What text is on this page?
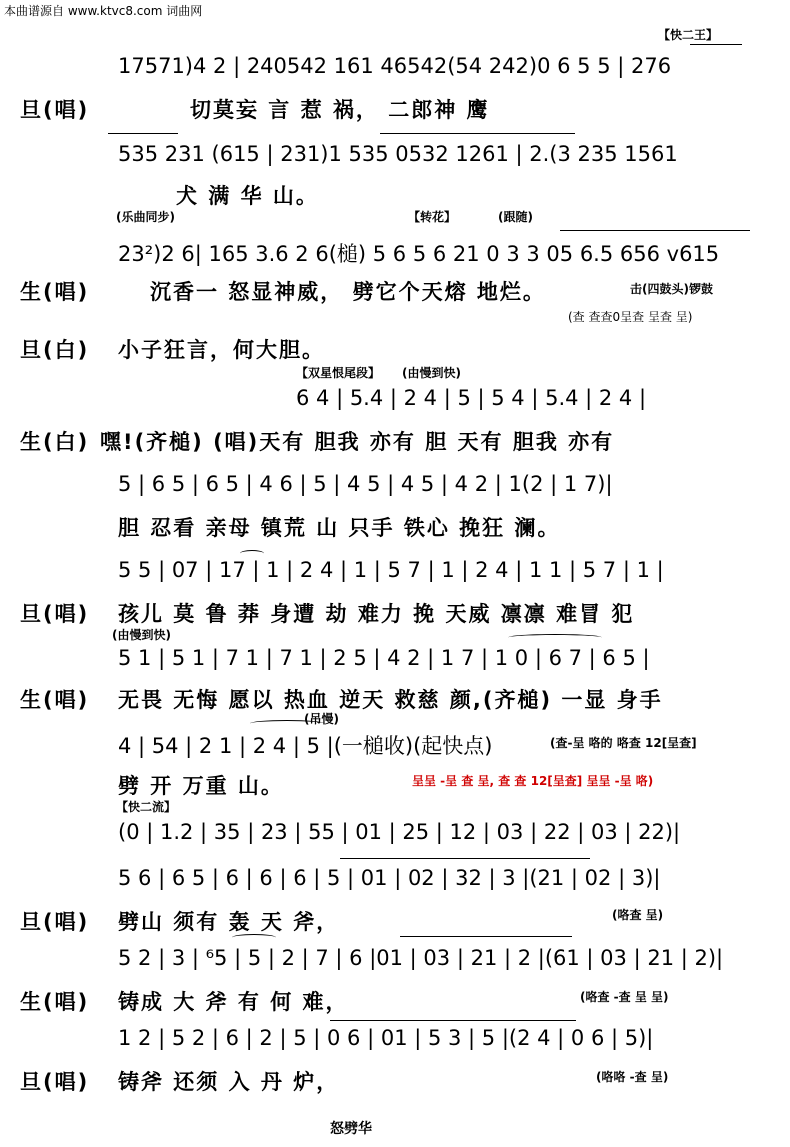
本曲谱源自 www.ktvc8.com 词曲网
【快二王】
17571)4 2 | 240542 161 46542(54 242)0 6 5 5 | 276
旦(唱)	切莫妄 言 惹 祸， 二郎神 鹰
535 231 (615 | 231)1 535 0532 1261 | 2.(3 235 1561
犬 满 华 山。
(乐曲同步)	【转花】	(跟随)
23²)2 6| 165 3.6 2 6(槌) 5 6 5 6 21 0 3 3 05 6.5 656 v615
生(唱)	沉香一 怒显神威， 劈它个天熔 地烂。	击(四鼓头)锣鼓
(查 查查0呈查 呈查 呈)
旦(白) 小子狂言，何大胆。
【双星恨尾段】 (由慢到快)
6 4 | 5.4 | 2 4 | 5 | 5 4 | 5.4 | 2 4 |
生(白) 嘿!(齐槌) (唱)天有 胆我 亦有 胆 天有 胆我 亦有
5 | 6 5 | 6 5 | 4 6 | 5 | 4 5 | 4 5 | 4 2 | 1(2 | 1 7)|
胆 忍看 亲母 镇荒 山 只手 铁心 挽狂 澜。
5 5 | 07 | 17 | 1 | 2 4 | 1 | 5 7 | 1 | 2 4 | 1 1 | 5 7 | 1 |
旦(唱) 孩儿 莫 鲁 莽 身遭 劫 难力 挽 天威 凛凛 难冒 犯
(由慢到快)
5 1 | 5 1 | 7 1 | 7 1 | 2 5 | 4 2 | 1 7 | 1 0 | 6 7 | 6 5 |
生(唱) 无畏 无悔 愿以 热血 逆天 救慈 颜,(齐槌) 一显 身手
(吊慢)
4 | 54 | 2 1 | 2 4 | 5 |(一槌收)(起快点)	(查-呈 咯的 咯查 12[呈查]
劈 开 万重 山。	呈呈 -呈 查 呈, 查 查 12[呈查] 呈呈 -呈 咯)
【快二流】
(0 | 1.2 | 35 | 23 | 55 | 01 | 25 | 12 | 03 | 22 | 03 | 22)|
5 6 | 6 5 | 6 | 6 | 6 | 5 | 01 | 02 | 32 | 3 |(21 | 02 | 3)|
旦(唱) 劈山 须有 轰 天 斧，	(咯查 呈)
5 2 | 3 | ⁶5 | 5 | 2 | 7 | 6 |01 | 03 | 21 | 2 |(61 | 03 | 21 | 2)|
生(唱) 铸成 大 斧 有 何 难，	(咯查 -查 呈 呈)
1 2 | 5 2 | 6 | 2 | 5 | 0 6 | 01 | 5 3 | 5 |(2 4 | 0 6 | 5)|
旦(唱) 铸斧 还须 入 丹 炉，	(咯咯 -查 呈)
怒劈华
